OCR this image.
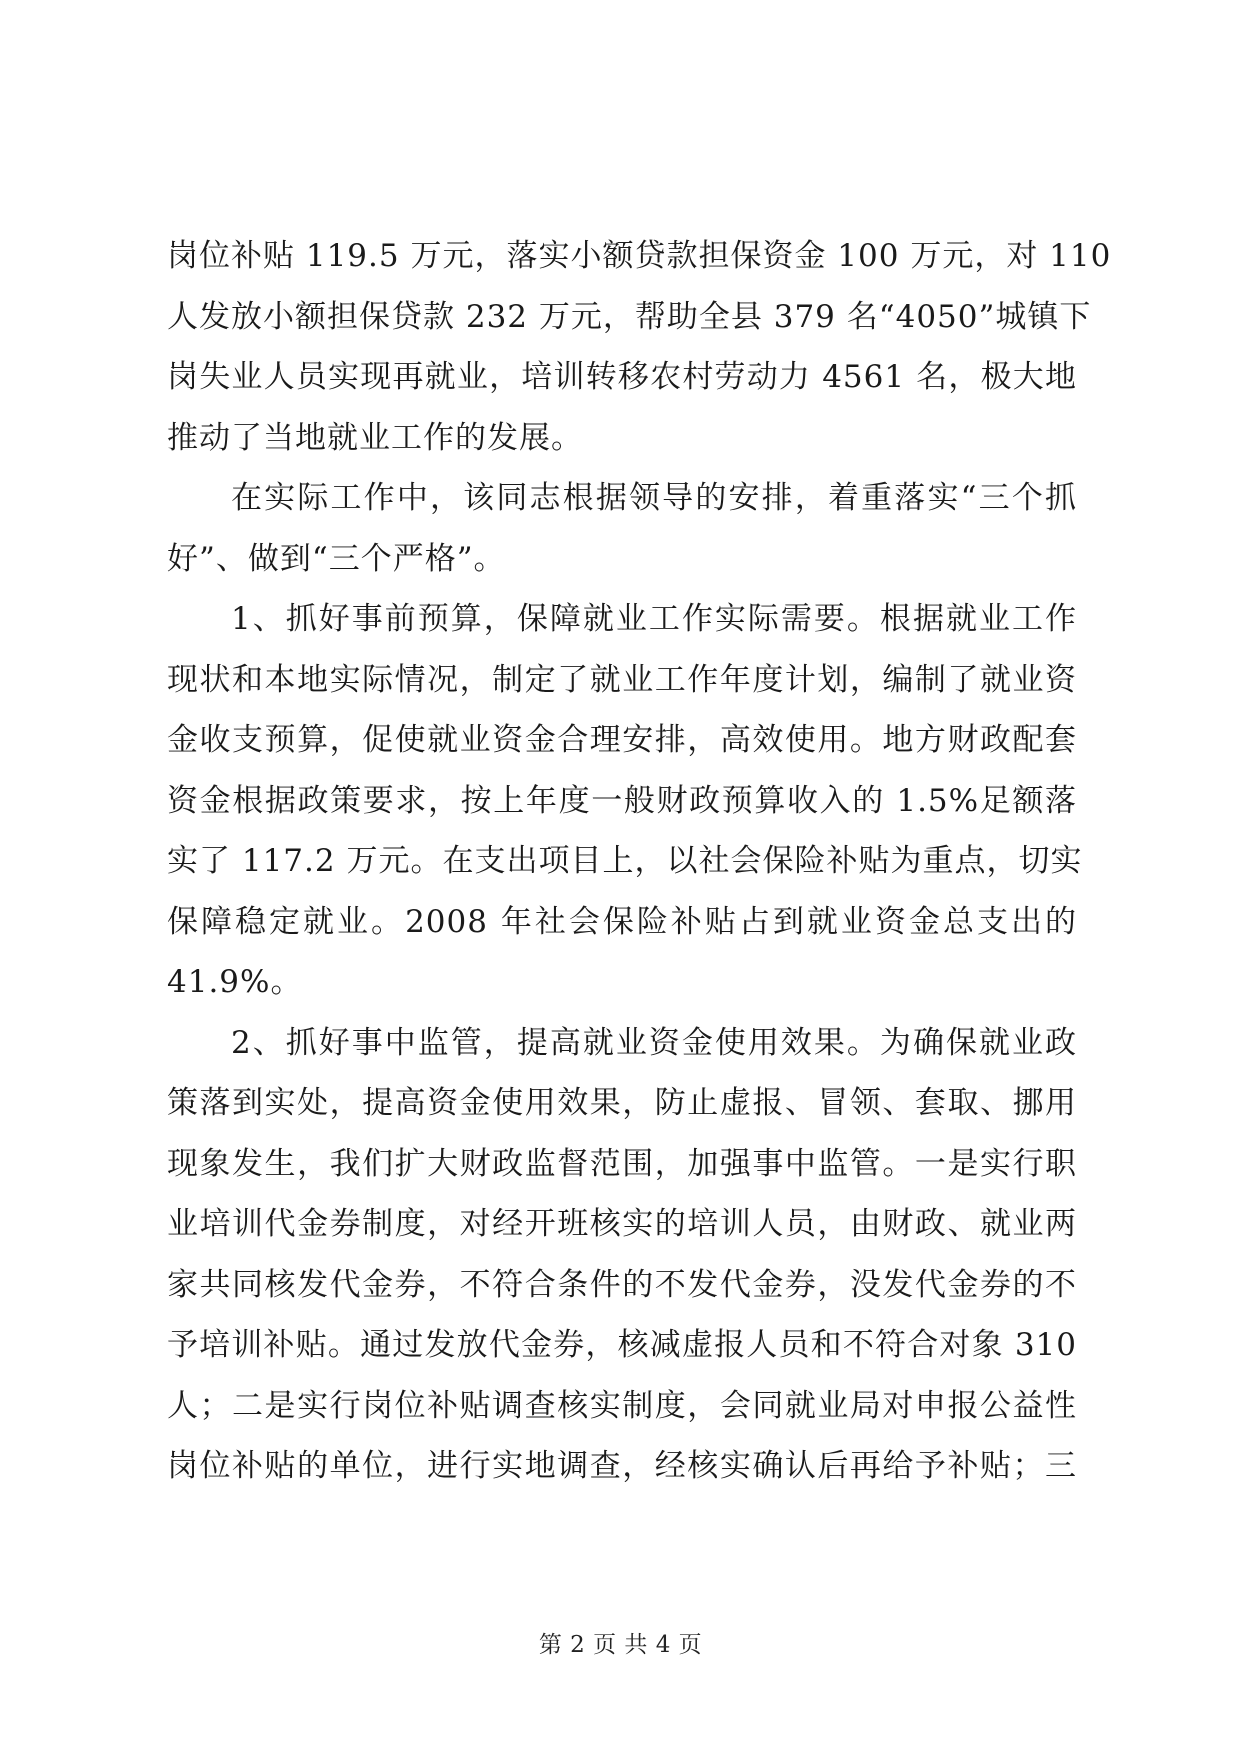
岗位补贴 119.5 万元，落实小额贷款担保资金 100 万元，对 110
人发放小额担保贷款 232 万元，帮助全县 379 名“4050”城镇下
岗失业人员实现再就业，培训转移农村劳动力 4561 名，极大地
推动了当地就业工作的发展。

在实际工作中，该同志根据领导的安排，着重落实“三个抓
好”、做到“三个严格”。

1、抓好事前预算，保障就业工作实际需要。根据就业工作
现状和本地实际情况，制定了就业工作年度计划，编制了就业资
金收支预算，促使就业资金合理安排，高效使用。地方财政配套
资金根据政策要求，按上年度一般财政预算收入的 1.5%足额落
实了 117.2 万元。在支出项目上，以社会保险补贴为重点，切实
保障稳定就业。2008 年社会保险补贴占到就业资金总支出的
41.9%。

2、抓好事中监管，提高就业资金使用效果。为确保就业政
策落到实处，提高资金使用效果，防止虚报、冒领、套取、挪用
现象发生，我们扩大财政监督范围，加强事中监管。一是实行职
业培训代金券制度，对经开班核实的培训人员，由财政、就业两
家共同核发代金券，不符合条件的不发代金券，没发代金券的不
予培训补贴。通过发放代金券，核减虚报人员和不符合对象 310
人；二是实行岗位补贴调查核实制度，会同就业局对申报公益性
岗位补贴的单位，进行实地调查，经核实确认后再给予补贴；三

第 2 页 共 4 页
